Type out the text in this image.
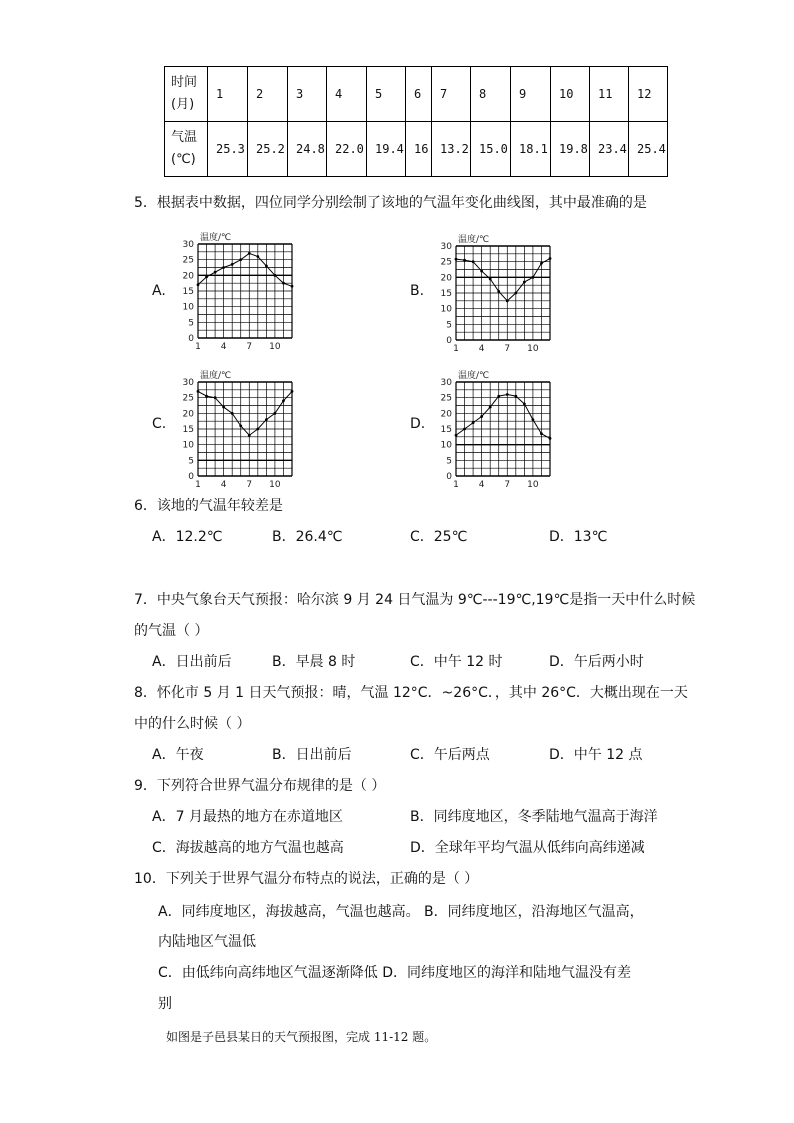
时间
(月)	1	2	3	4	5	6	7	8	9	10	11	12

气温
(℃)	25.3	25.2	24.8	22.0	19.4	16	13.2	15.0	18.1	19.8	23.4	25.4
5．根据表中数据，四位同学分别绘制了该地的气温年变化曲线图，其中最准确的是
A.	B.
C.	D.
温度/℃
30
25
20
15
10
5
0
1 4 7 10
温度/℃
30
25
20
15
10
5
0
1 4 7 10
温度/℃
30
25
20
15
10
5
0
1 4 7 10
温度/℃
30
25
20
15
10
5
0
1 4 7 10
6．该地的气温年较差是
A．12.2℃	B．26.4℃	C．25℃	D．13℃
7．中央气象台天气预报：哈尔滨 9 月 24 日气温为 9℃---19℃,19℃是指一天中什么时候
的气温（ ）
A．日出前后	B．早晨 8 时	C．中午 12 时	D．午后两小时
8．怀化市 5 月 1 日天气预报：晴，气温 12°C．~26°C．，其中 26°C．大概出现在一天
中的什么时候（ ）
A．午夜	B．日出前后	C．午后两点	D．中午 12 点
9．下列符合世界气温分布规律的是（ ）
A．7 月最热的地方在赤道地区	B．同纬度地区，冬季陆地气温高于海洋
C．海拔越高的地方气温也越高	D．全球年平均气温从低纬向高纬递减
10．下列关于世界气温分布特点的说法，正确的是（ ）
A．同纬度地区，海拔越高，气温也越高。 B．同纬度地区，沿海地区气温高，
内陆地区气温低
C．由低纬向高纬地区气温逐渐降低 D．同纬度地区的海洋和陆地气温没有差
别
如图是子邑县某日的天气预报图，完成 11-12 题。
